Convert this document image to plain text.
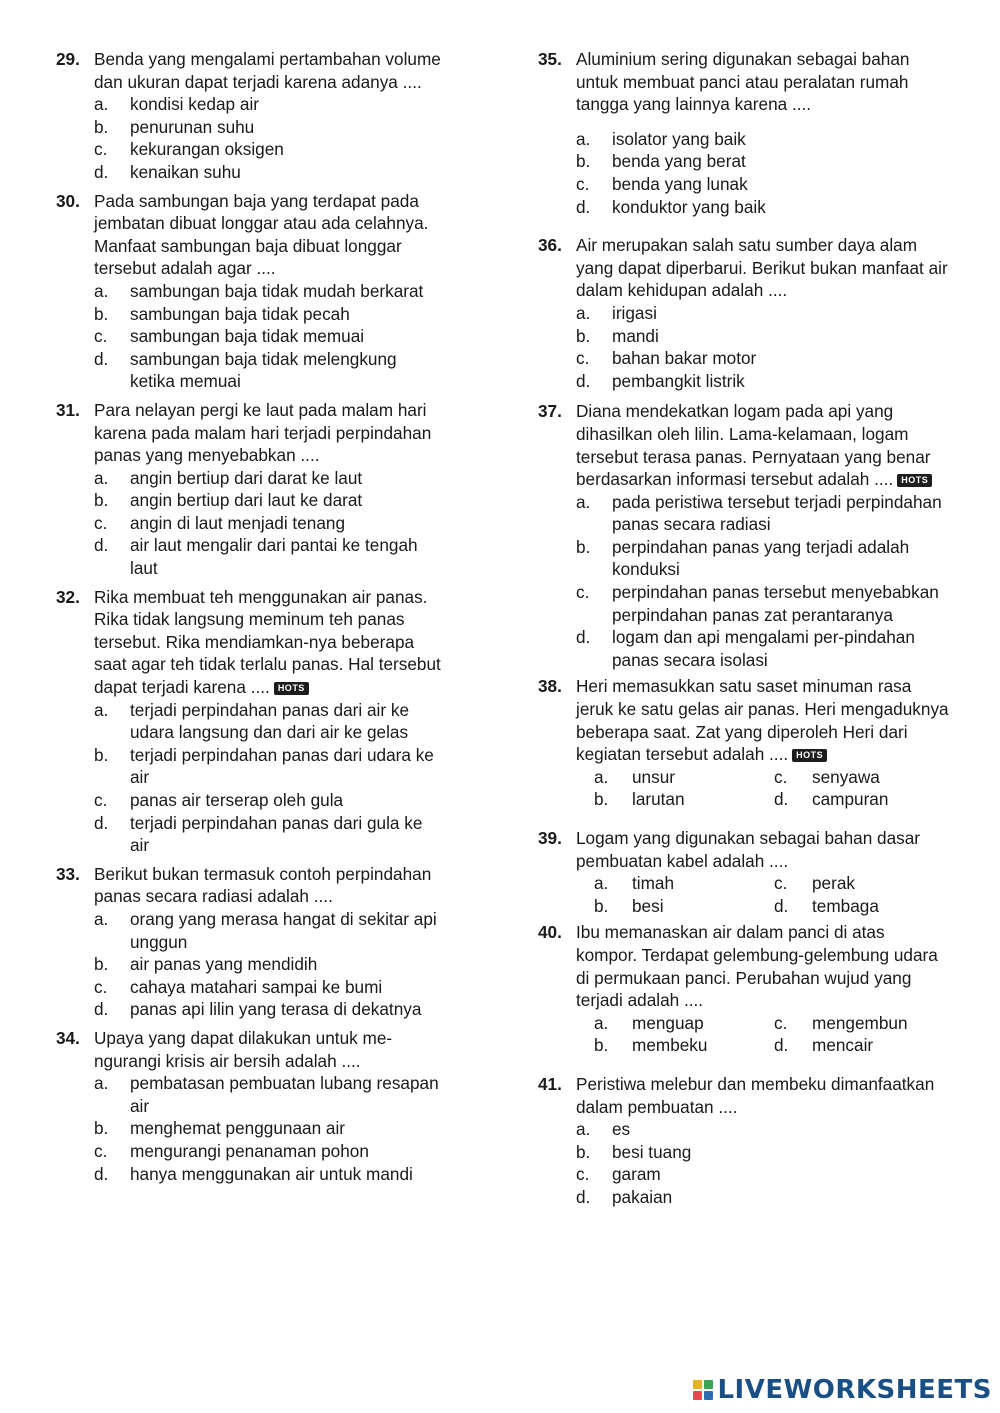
29. Benda yang mengalami pertambahan volume dan ukuran dapat terjadi karena adanya ....
a.	kondisi kedap air
b.	penurunan suhu
c.	kekurangan oksigen
d.	kenaikan suhu
30. Pada sambungan baja yang terdapat pada jembatan dibuat longgar atau ada celahnya. Manfaat sambungan baja dibuat longgar tersebut adalah agar ....
a.	sambungan baja tidak mudah berkarat
b.	sambungan baja tidak pecah
c.	sambungan baja tidak memuai
d.	sambungan baja tidak melengkung ketika memuai
31. Para nelayan pergi ke laut pada malam hari karena pada malam hari terjadi perpindahan panas yang menyebabkan ....
a.	angin bertiup dari darat ke laut
b.	angin bertiup dari laut ke darat
c.	angin di laut menjadi tenang
d.	air laut mengalir dari pantai ke tengah laut
32. Rika membuat teh menggunakan air panas. Rika tidak langsung meminum teh panas tersebut. Rika mendiamkan-nya beberapa saat agar teh tidak terlalu panas. Hal tersebut dapat terjadi karena .... HOTS
a.	terjadi perpindahan panas dari air ke udara langsung dan dari air ke gelas
b.	terjadi perpindahan panas dari udara ke air
c.	panas air terserap oleh gula
d.	terjadi perpindahan panas dari gula ke air
33. Berikut bukan termasuk contoh perpindahan panas secara radiasi adalah ....
a.	orang yang merasa hangat di sekitar api unggun
b.	air panas yang mendidih
c.	cahaya matahari sampai ke bumi
d.	panas api lilin yang terasa di dekatnya
34. Upaya yang dapat dilakukan untuk me-ngurangi krisis air bersih adalah ....
a.	pembatasan pembuatan lubang resapan air
b.	menghemat penggunaan air
c.	mengurangi penanaman pohon
d.	hanya menggunakan air untuk mandi
35. Aluminium sering digunakan sebagai bahan untuk membuat panci atau peralatan rumah tangga yang lainnya karena ....
a.	isolator yang baik
b.	benda yang berat
c.	benda yang lunak
d.	konduktor yang baik
36. Air merupakan salah satu sumber daya alam yang dapat diperbarui. Berikut bukan manfaat air dalam kehidupan adalah ....
a.	irigasi
b.	mandi
c.	bahan bakar motor
d.	pembangkit listrik
37. Diana mendekatkan logam pada api yang dihasilkan oleh lilin. Lama-kelamaan, logam tersebut terasa panas. Pernyataan yang benar berdasarkan informasi tersebut adalah .... HOTS
a.	pada peristiwa tersebut terjadi perpindahan panas secara radiasi
b.	perpindahan panas yang terjadi adalah konduksi
c.	perpindahan panas tersebut menyebabkan perpindahan panas zat perantaranya
d.	logam dan api mengalami per-pindahan panas secara isolasi
38. Heri memasukkan satu saset minuman rasa jeruk ke satu gelas air panas. Heri mengaduknya beberapa saat. Zat yang diperoleh Heri dari kegiatan tersebut adalah .... HOTS
a.	unsur	c.	senyawa
b.	larutan	d.	campuran
39. Logam yang digunakan sebagai bahan dasar pembuatan kabel adalah ....
a.	timah	c.	perak
b.	besi	d.	tembaga
40. Ibu memanaskan air dalam panci di atas kompor. Terdapat gelembung-gelembung udara di permukaan panci. Perubahan wujud yang terjadi adalah ....
a.	menguap	c.	mengembun
b.	membeku	d.	mencair
41. Peristiwa melebur dan membeku dimanfaatkan dalam pembuatan ....
a.	es
b.	besi tuang
c.	garam
d.	pakaian
LIVEWORKSHEETS
